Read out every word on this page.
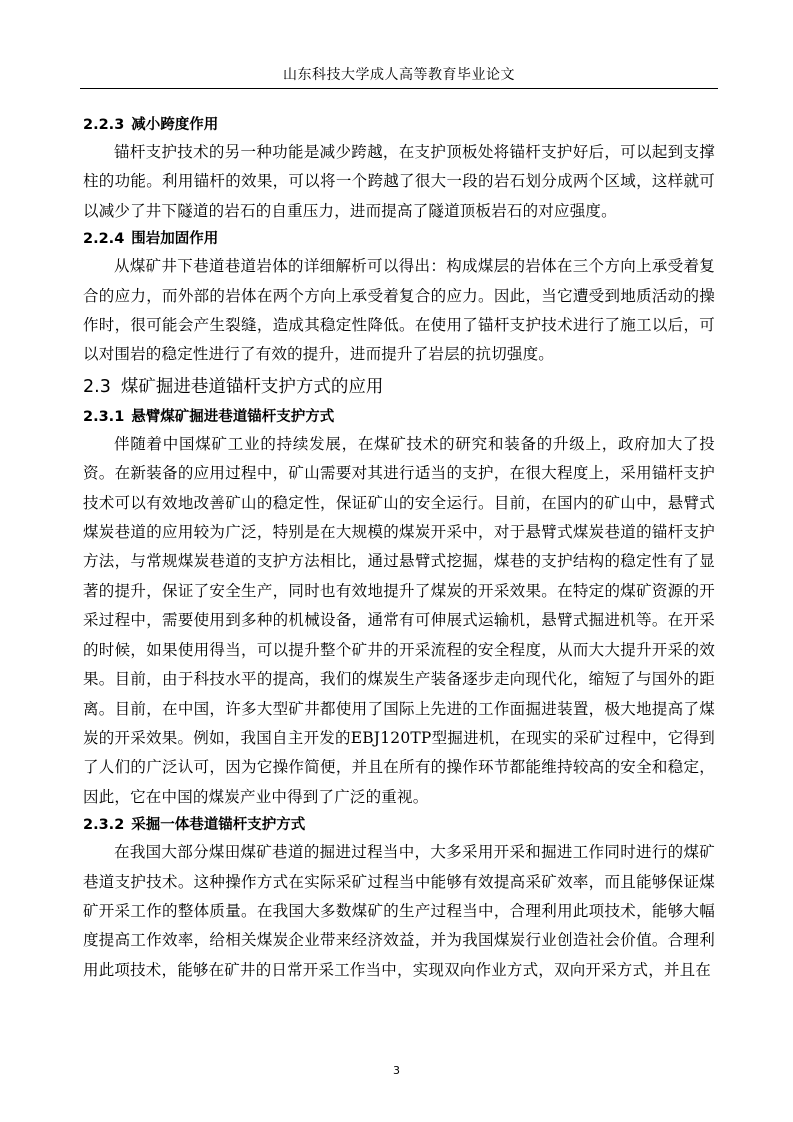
山东科技大学成人高等教育毕业论文
2.2.3 减小跨度作用

锚杆支护技术的另一种功能是减少跨越，在支护顶板处将锚杆支护好后，可以起到支撑柱的功能。利用锚杆的效果，可以将一个跨越了很大一段的岩石划分成两个区域，这样就可以减少了井下隧道的岩石的自重压力，进而提高了隧道顶板岩石的对应强度。

2.2.4 围岩加固作用

从煤矿井下巷道巷道岩体的详细解析可以得出：构成煤层的岩体在三个方向上承受着复合的应力，而外部的岩体在两个方向上承受着复合的应力。因此，当它遭受到地质活动的操作时，很可能会产生裂缝，造成其稳定性降低。在使用了锚杆支护技术进行了施工以后，可以对围岩的稳定性进行了有效的提升，进而提升了岩层的抗切强度。

2.3 煤矿掘进巷道锚杆支护方式的应用
2.3.1 悬臂煤矿掘进巷道锚杆支护方式

伴随着中国煤矿工业的持续发展，在煤矿技术的研究和装备的升级上，政府加大了投资。在新装备的应用过程中，矿山需要对其进行适当的支护，在很大程度上，采用锚杆支护技术可以有效地改善矿山的稳定性，保证矿山的安全运行。目前，在国内的矿山中，悬臂式煤炭巷道的应用较为广泛，特别是在大规模的煤炭开采中，对于悬臂式煤炭巷道的锚杆支护方法，与常规煤炭巷道的支护方法相比，通过悬臂式挖掘，煤巷的支护结构的稳定性有了显著的提升，保证了安全生产，同时也有效地提升了煤炭的开采效果。在特定的煤矿资源的开采过程中，需要使用到多种的机械设备，通常有可伸展式运输机，悬臂式掘进机等。在开采的时候，如果使用得当，可以提升整个矿井的开采流程的安全程度，从而大大提升开采的效果。目前，由于科技水平的提高，我们的煤炭生产装备逐步走向现代化，缩短了与国外的距离。目前，在中国，许多大型矿井都使用了国际上先进的工作面掘进装置，极大地提高了煤炭的开采效果。例如，我国自主开发的EBJ120TP型掘进机，在现实的采矿过程中，它得到了人们的广泛认可，因为它操作简便，并且在所有的操作环节都能维持较高的安全和稳定，因此，它在中国的煤炭产业中得到了广泛的重视。

2.3.2 采掘一体巷道锚杆支护方式

在我国大部分煤田煤矿巷道的掘进过程当中，大多采用开采和掘进工作同时进行的煤矿巷道支护技术。这种操作方式在实际采矿过程当中能够有效提高采矿效率，而且能够保证煤矿开采工作的整体质量。在我国大多数煤矿的生产过程当中，合理利用此项技术，能够大幅度提高工作效率，给相关煤炭企业带来经济效益，并为我国煤炭行业创造社会价值。合理利用此项技术，能够在矿井的日常开采工作当中，实现双向作业方式，双向开采方式，并且在

3
